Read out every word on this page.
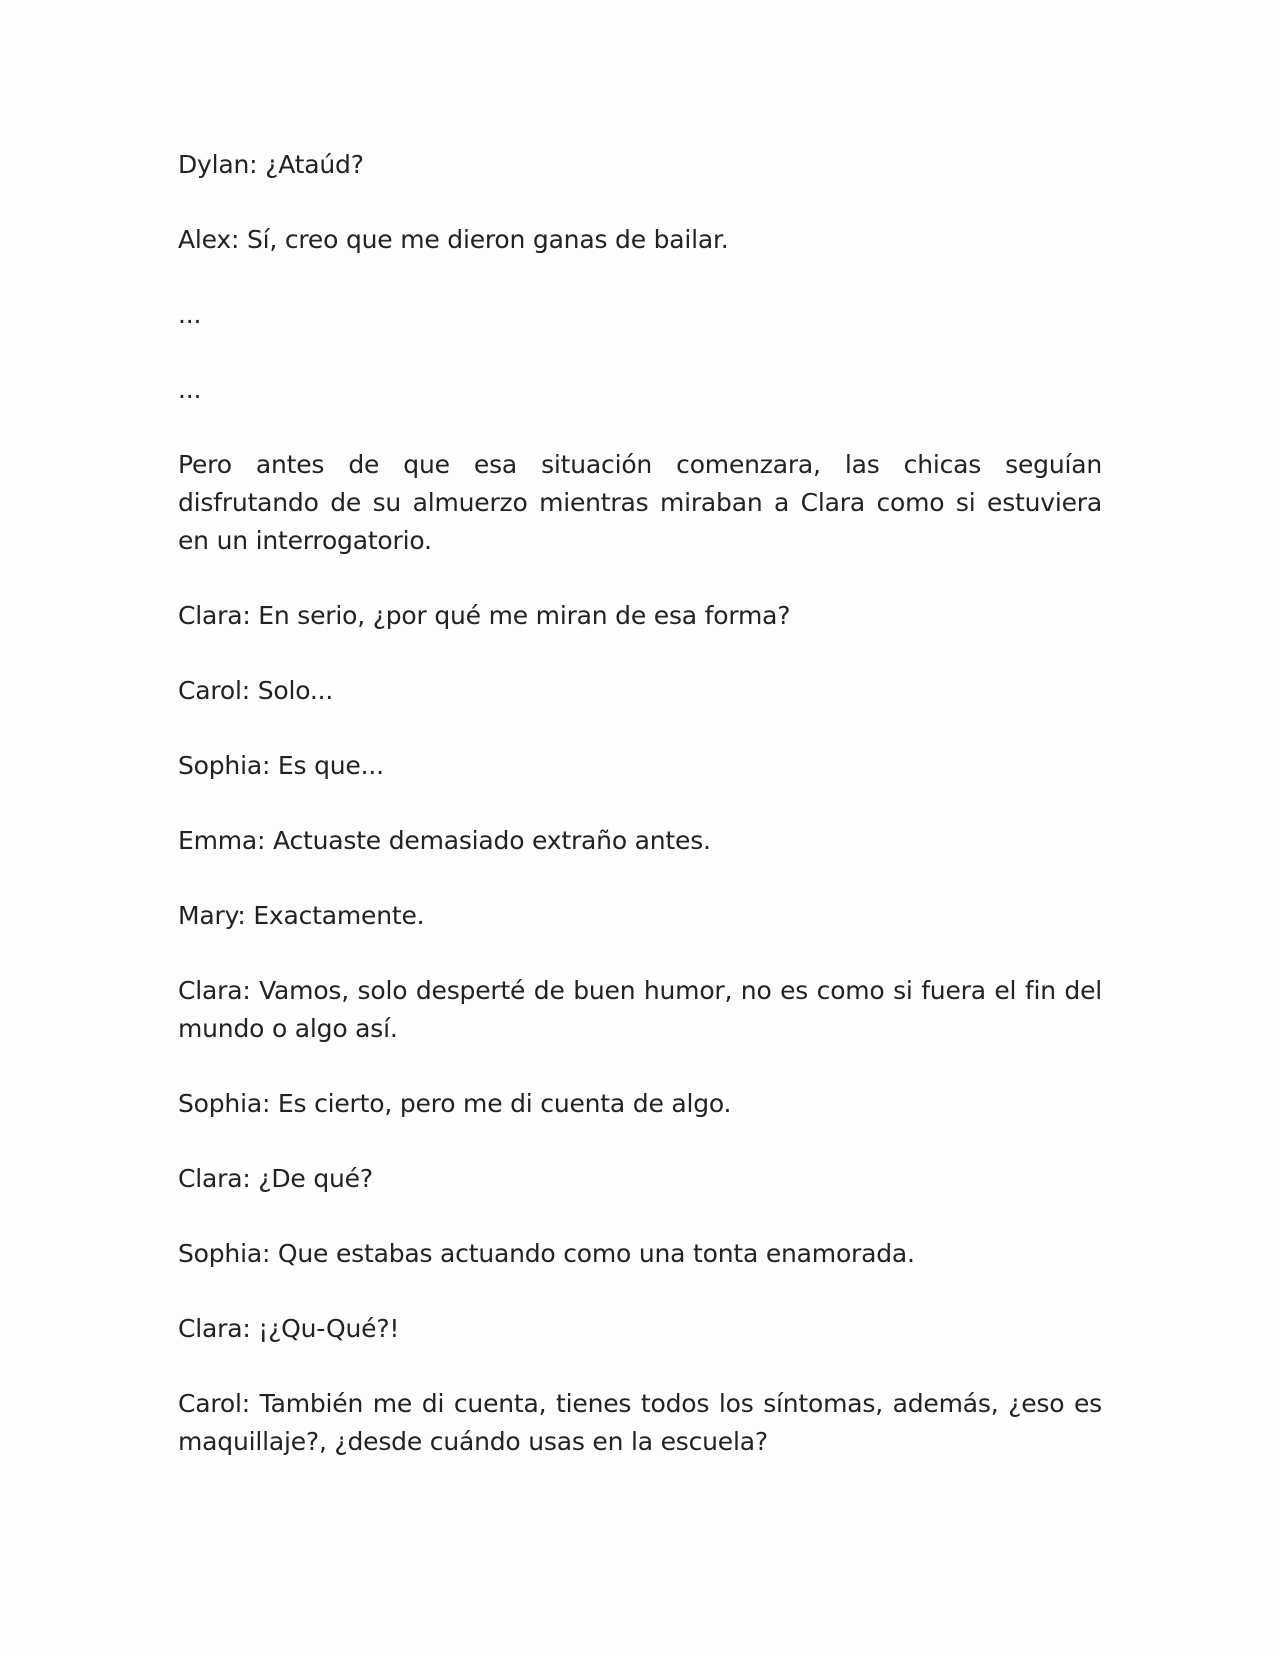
Dylan: ¿Ataúd?

Alex: Sí, creo que me dieron ganas de bailar.

...

...

Pero antes de que esa situación comenzara, las chicas seguían disfrutando de su almuerzo mientras miraban a Clara como si estuviera en un interrogatorio.

Clara: En serio, ¿por qué me miran de esa forma?

Carol: Solo...

Sophia: Es que...

Emma: Actuaste demasiado extraño antes.

Mary: Exactamente.

Clara: Vamos, solo desperté de buen humor, no es como si fuera el fin del mundo o algo así.

Sophia: Es cierto, pero me di cuenta de algo.

Clara: ¿De qué?

Sophia: Que estabas actuando como una tonta enamorada.

Clara: ¡¿Qu-Qué?!

Carol: También me di cuenta, tienes todos los síntomas, además, ¿eso es maquillaje?, ¿desde cuándo usas en la escuela?
